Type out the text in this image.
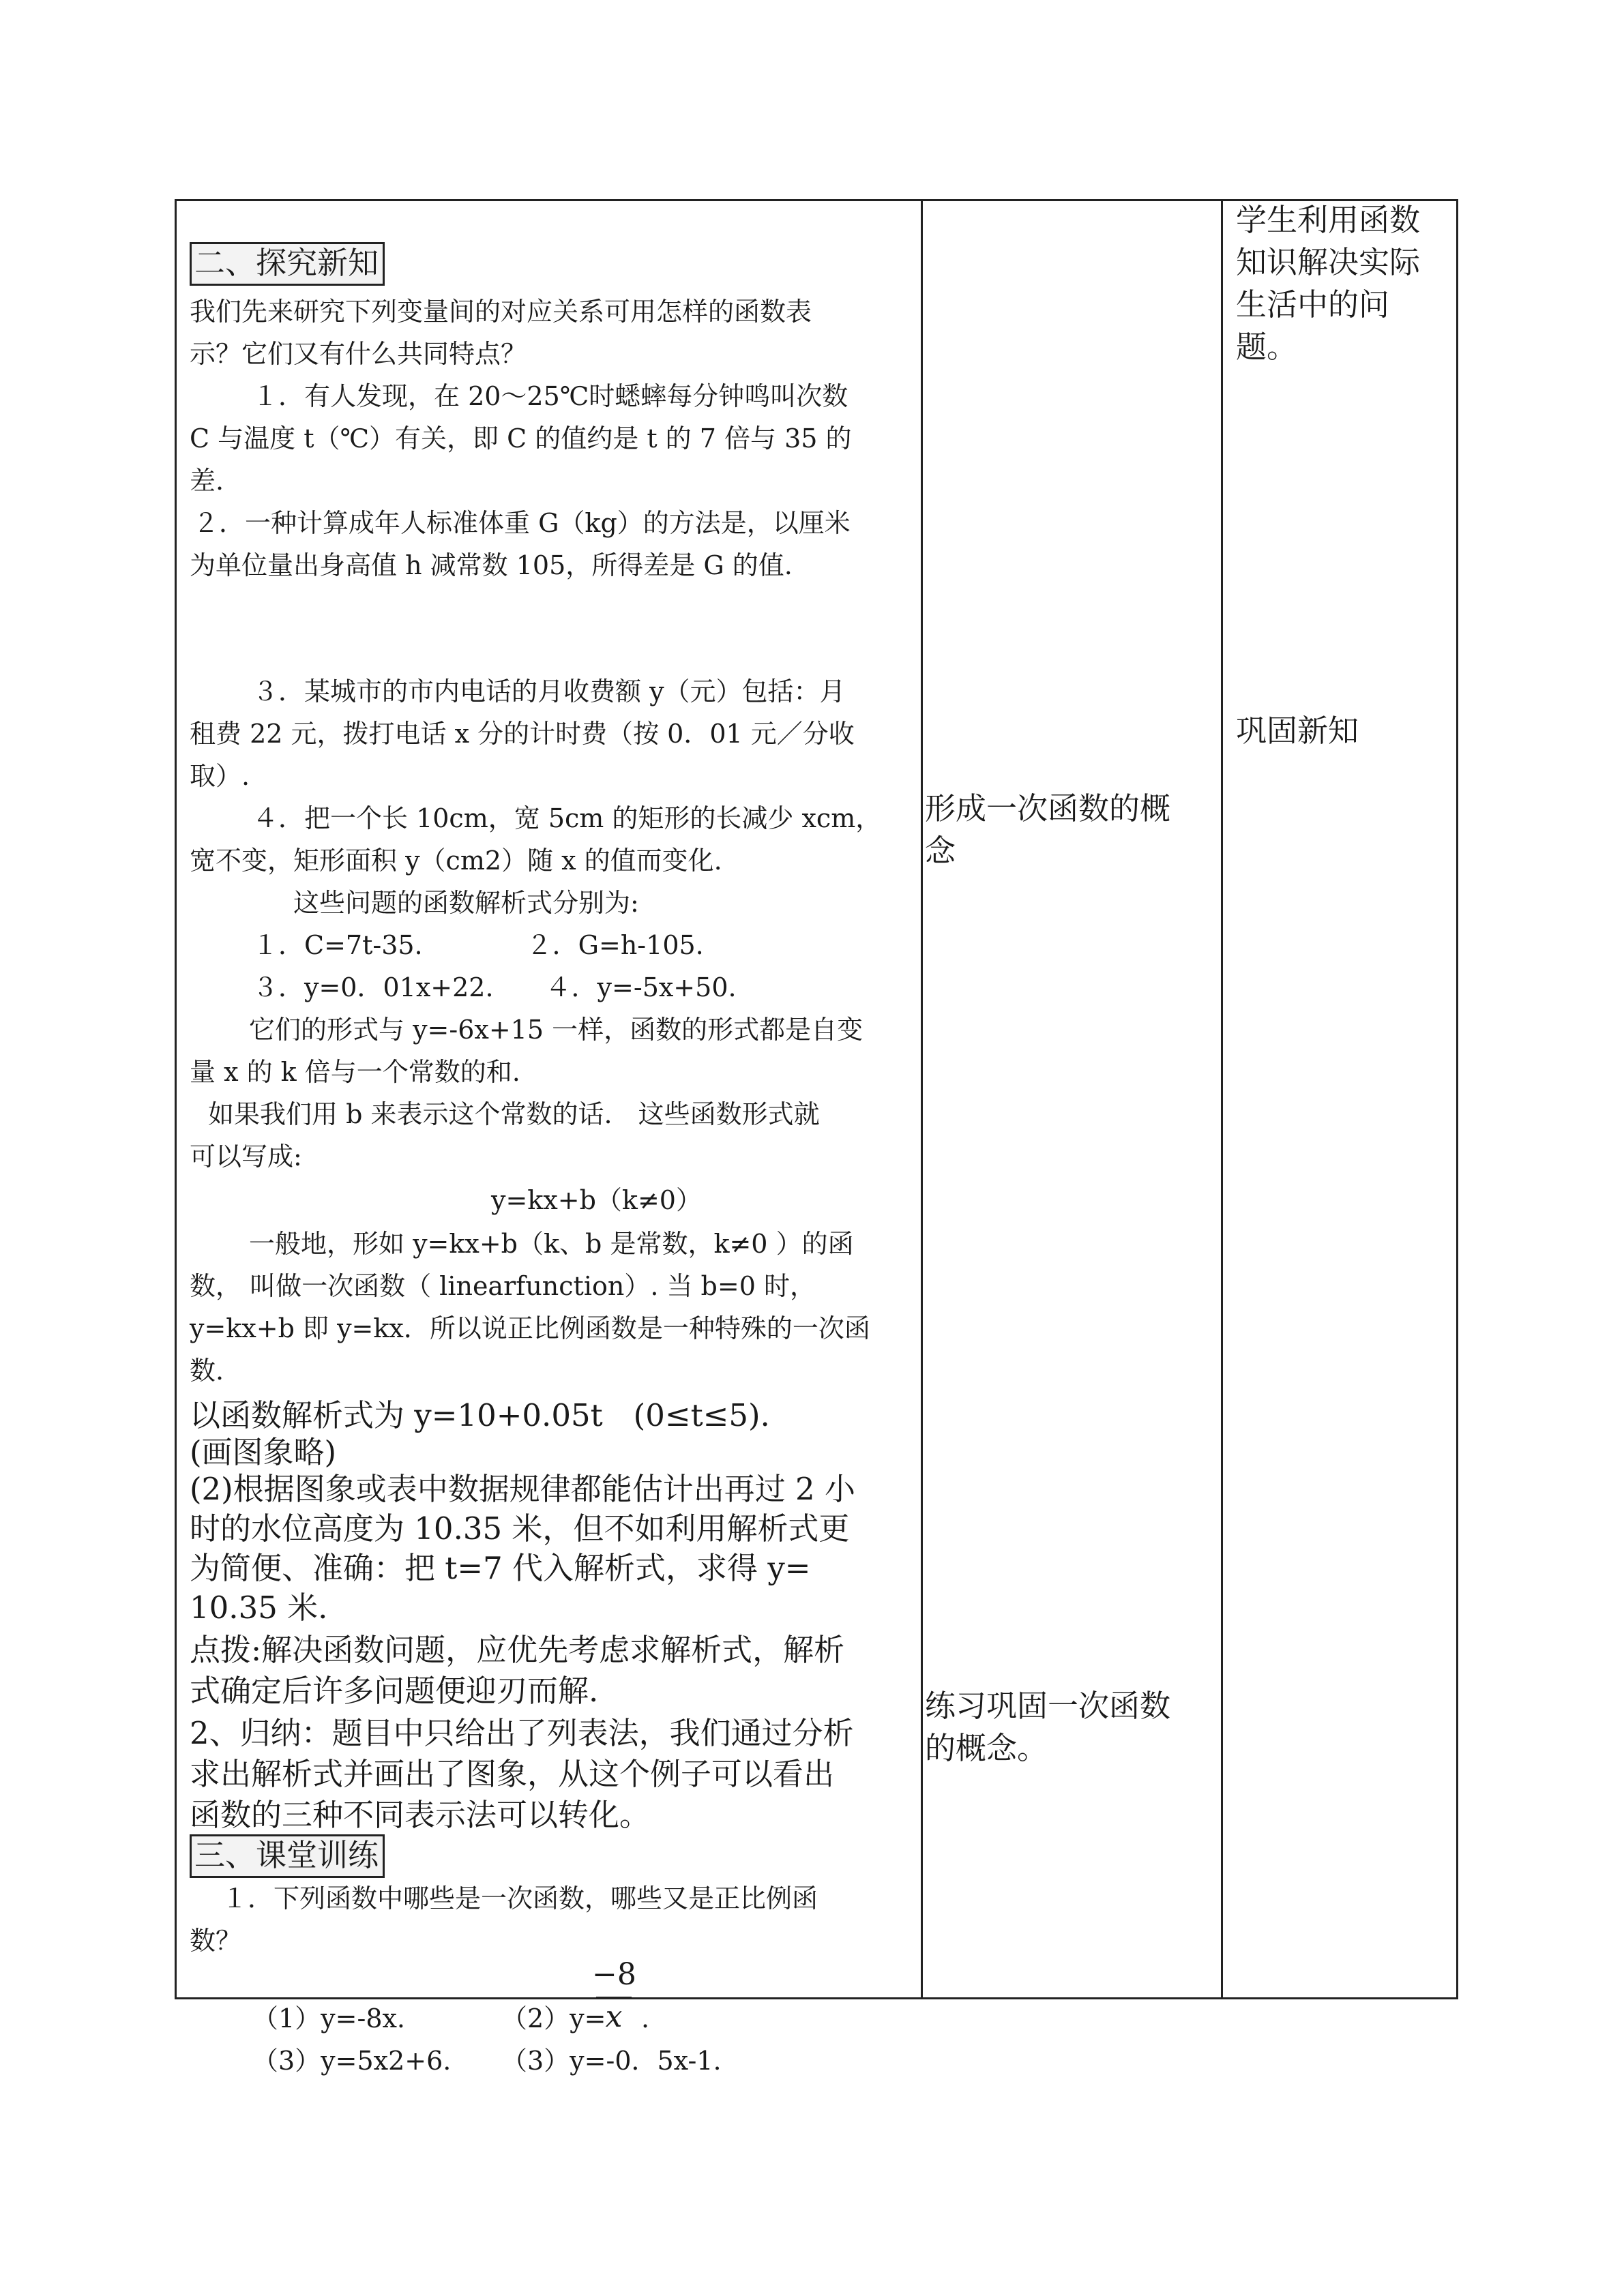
二、探究新知
我们先来研究下列变量间的对应关系可用怎样的函数表
示？它们又有什么共同特点？
１．有人发现，在 20～25℃时蟋蟀每分钟鸣叫次数
C 与温度 t（℃）有关，即 C 的值约是 t 的 7 倍与 35 的
差.
２．一种计算成年人标准体重 G（kg）的方法是，以厘米
为单位量出身高值 h 减常数 105，所得差是 G 的值.
３．某城市的市内电话的月收费额 y（元）包括：月
租费 22 元，拨打电话 x 分的计时费（按 0．01 元／分收
取）.
４．把一个长 10cm，宽 5cm 的矩形的长减少 xcm，
宽不变，矩形面积 y（cm2）随 x 的值而变化.
这些问题的函数解析式分别为:
１．C=7t-35.　　　　２．G=h-105.
３．y=0．01x+22.　　４．y=-5x+50.
它们的形式与 y=-6x+15 一样，函数的形式都是自变
量 x 的 k 倍与一个常数的和.
如果我们用 b 来表示这个常数的话.　这些函数形式就
可以写成:
y=kx+b（k≠0）
一般地，形如 y=kx+b（k、b 是常数，k≠0 ）的函
数， 叫做一次函数（ linearfunction）. 当 b=0 时，
y=kx+b 即 y=kx．所以说正比例函数是一种特殊的一次函
数.
以函数解析式为 y=10+0.05t　(0≤t≤5).
(画图象略)
(2)根据图象或表中数据规律都能估计出再过 2 小
时的水位高度为 10.35 米，但不如利用解析式更
为简便、准确：把 t=7 代入解析式，求得 y=
10.35 米.
点拨:解决函数问题，应优先考虑求解析式，解析
式确定后许多问题便迎刃而解.
2、归纳：题目中只给出了列表法，我们通过分析
求出解析式并画出了图象，从这个例子可以看出
函数的三种不同表示法可以转化。
三、课堂训练
１．下列函数中哪些是一次函数，哪些又是正比例函
数？
−8
x
（1）y=-8x.	（2）y= .
（3）y=5x2+6. （3）y=-0．5x-1.
形成一次函数的概
念
练习巩固一次函数
的概念。
学生利用函数
知识解决实际
生活中的问
题。
巩固新知
